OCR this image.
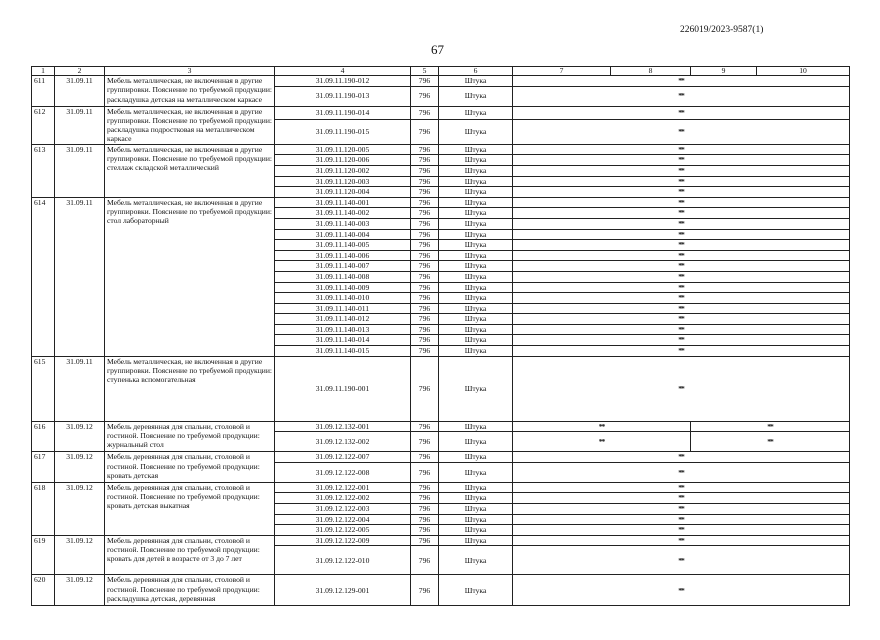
226019/2023-9587(1)
67
1	2	3	4	5	6	7	8	9	10
611	31.09.11	Мебель металлическая, не включенная в другие группировки. Пояснение по требуемой продукции: раскладушка детская на металлическом каркасе	31.09.11.190-012	796	Штука	**			
			31.09.11.190-013	796	Штука	**			
612	31.09.11	Мебель металлическая, не включенная в другие группировки. Пояснение по требуемой продукции: раскладушка подростковая на металлическом каркасе	31.09.11.190-014	796	Штука	**			
			31.09.11.190-015	796	Штука	**			
613	31.09.11	Мебель металлическая, не включенная в другие группировки. Пояснение по требуемой продукции: стеллаж складской металлический	31.09.11.120-005	796	Штука	**			
			31.09.11.120-006	796	Штука	**			
			31.09.11.120-002	796	Штука	**			
			31.09.11.120-003	796	Штука	**			
			31.09.11.120-004	796	Штука	**			
614	31.09.11	Мебель металлическая, не включенная в другие группировки. Пояснение по требуемой продукции: стол лабораторный	31.09.11.140-001	796	Штука	**			
			31.09.11.140-002	796	Штука	**			
			31.09.11.140-003	796	Штука	**			
			31.09.11.140-004	796	Штука	**			
			31.09.11.140-005	796	Штука	**			
			31.09.11.140-006	796	Штука	**			
			31.09.11.140-007	796	Штука	**			
			31.09.11.140-008	796	Штука	**			
			31.09.11.140-009	796	Штука	**			
			31.09.11.140-010	796	Штука	**			
			31.09.11.140-011	796	Штука	**			
			31.09.11.140-012	796	Штука	**			
			31.09.11.140-013	796	Штука	**			
			31.09.11.140-014	796	Штука	**			
			31.09.11.140-015	796	Штука	**			
615	31.09.11	Мебель металлическая, не включенная в другие группировки. Пояснение по требуемой продукции: ступенька вспомогательная	31.09.11.190-001	796	Штука	**			
616	31.09.12	Мебель деревянная для спальни, столовой и гостиной. Пояснение по требуемой продукции: журнальный стол	31.09.12.132-001	796	Штука	**		**	
			31.09.12.132-002	796	Штука	**		**	
617	31.09.12	Мебель деревянная для спальни, столовой и гостиной. Пояснение по требуемой продукции: кровать детская	31.09.12.122-007	796	Штука	**			
			31.09.12.122-008	796	Штука	**			
618	31.09.12	Мебель деревянная для спальни, столовой и гостиной. Пояснение по требуемой продукции: кровать детская выкатная	31.09.12.122-001	796	Штука	**			
			31.09.12.122-002	796	Штука	**			
			31.09.12.122-003	796	Штука	**			
			31.09.12.122-004	796	Штука	**			
			31.09.12.122-005	796	Штука	**			
619	31.09.12	Мебель деревянная для спальни, столовой и гостиной. Пояснение по требуемой продукции: кровать для детей в возрасте от 3 до 7 лет	31.09.12.122-009	796	Штука	**			
			31.09.12.122-010	796	Штука	**			
620	31.09.12	Мебель деревянная для спальни, столовой и гостиной. Пояснение по требуемой продукции: раскладушка детская, деревянная	31.09.12.129-001	796	Штука	**			
